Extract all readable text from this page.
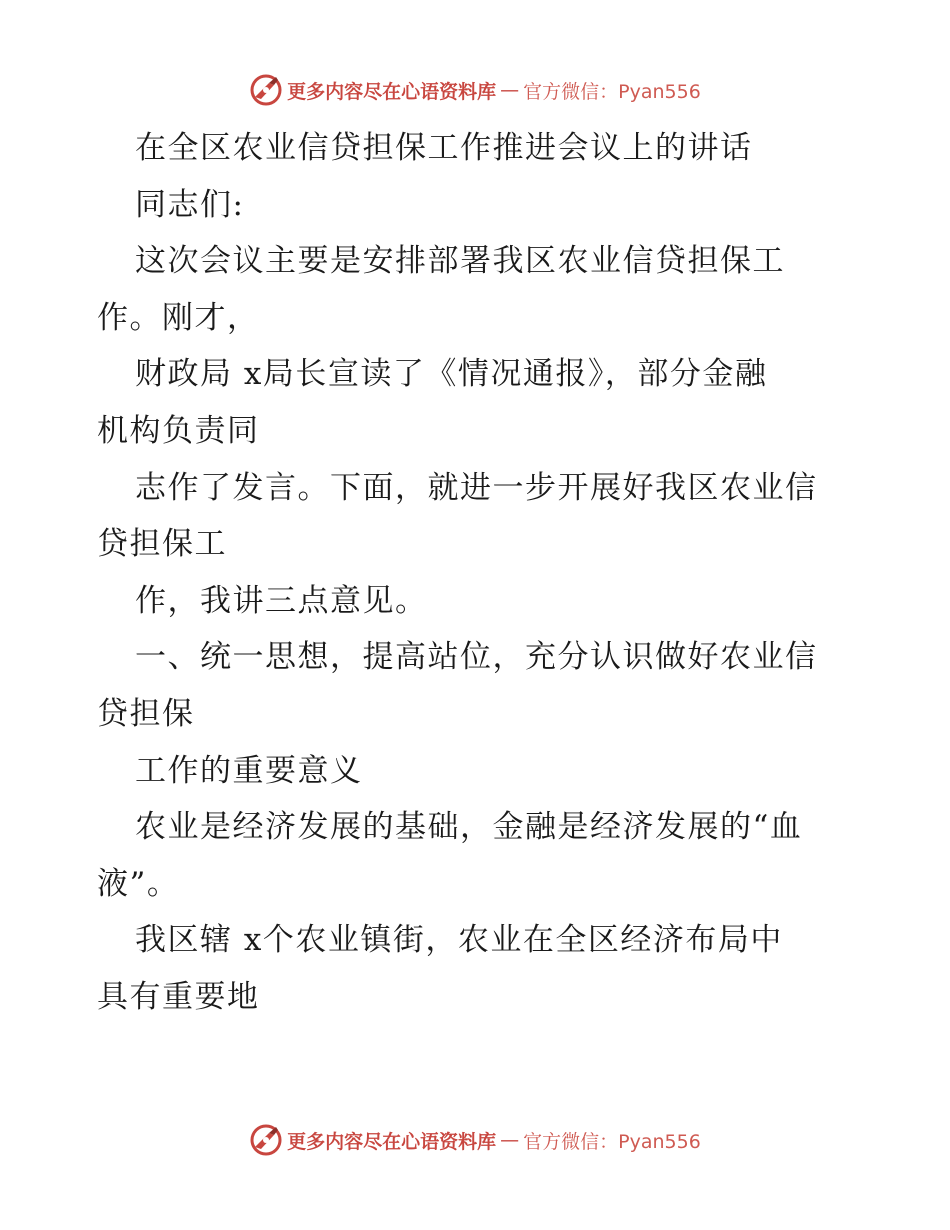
更多内容尽在心语资料库 — 官方微信：Pyan556
在全区农业信贷担保工作推进会议上的讲话
同志们:
这次会议主要是安排部署我区农业信贷担保工
作。刚才，
财政局 x局长宣读了《情况通报》，部分金融
机构负责同
志作了发言。下面，就进一步开展好我区农业信
贷担保工
作，我讲三点意见。
一、统一思想，提高站位，充分认识做好农业信
贷担保
工作的重要意义
农业是经济发展的基础，金融是经济发展的“血
液”。
我区辖 x个农业镇街，农业在全区经济布局中
具有重要地
更多内容尽在心语资料库 — 官方微信：Pyan556
